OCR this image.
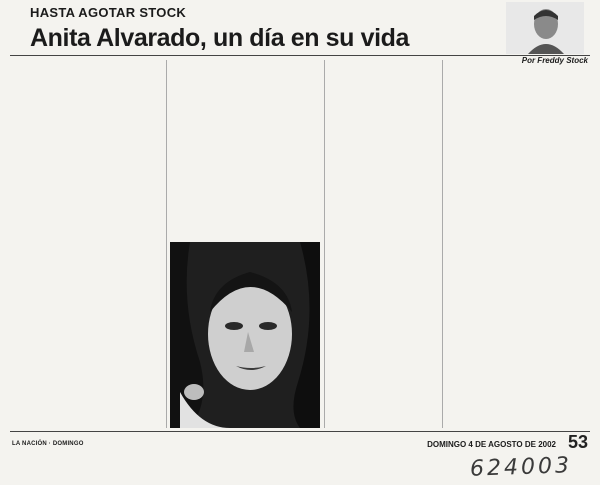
HASTA AGOTAR STOCK
Anita Alvarado, un día en su vida
Por Freddy Stock
LA NACIÓN · DOMINGO	DOMINGO 4 DE AGOSTO DE 2002 53
624003
